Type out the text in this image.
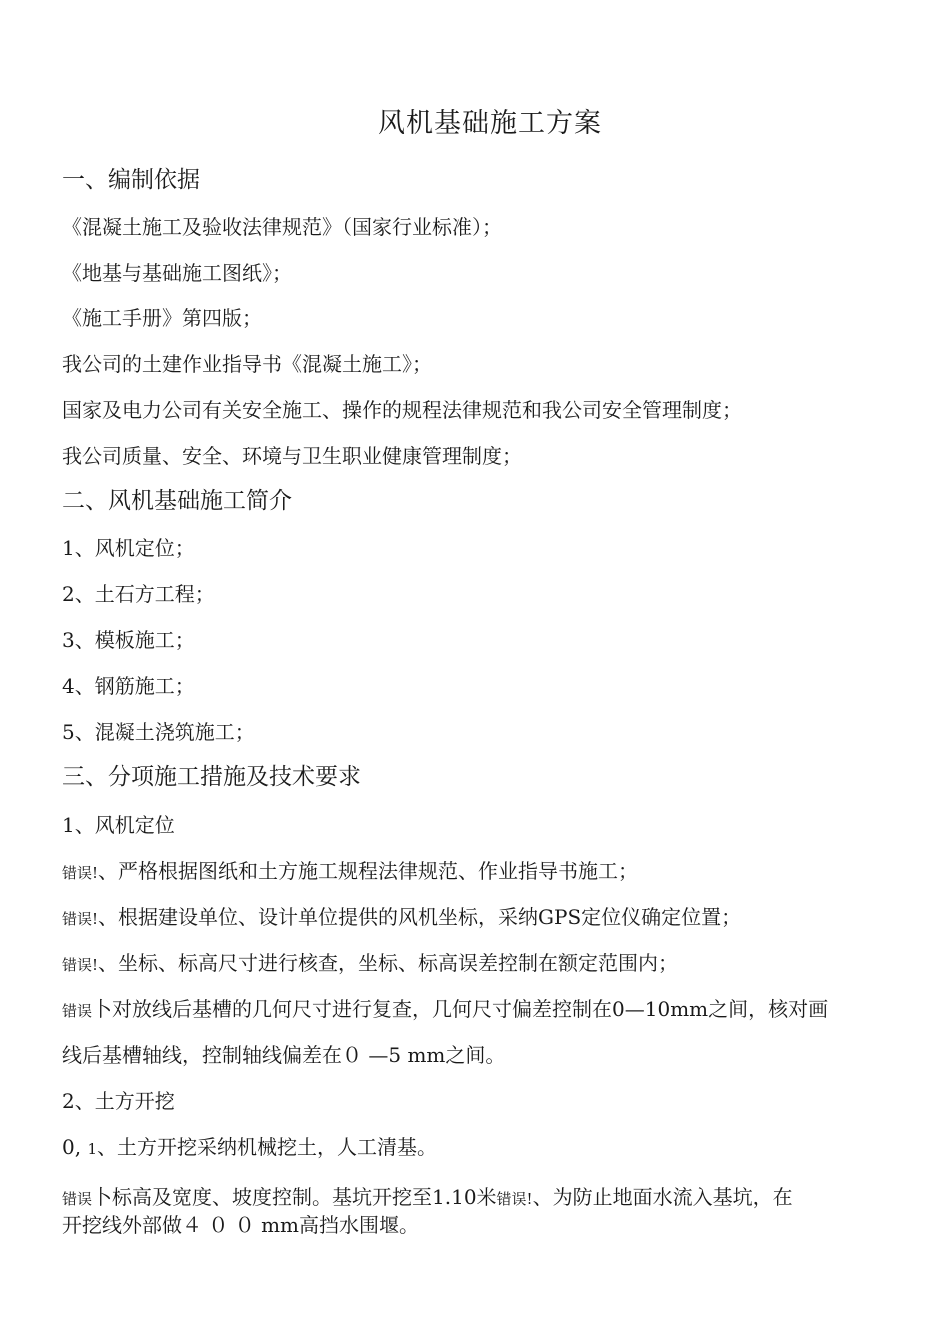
风机基础施工方案
一、编制依据
《混凝土施工及验收法律规范》（国家行业标准）；
《地基与基础施工图纸》；
《施工手册》第四版；
我公司的土建作业指导书《混凝土施工》；
国家及电力公司有关安全施工、操作的规程法律规范和我公司安全管理制度；
我公司质量、安全、环境与卫生职业健康管理制度；
二、风机基础施工简介
1、风机定位；
2、土石方工程；
3、模板施工；
4、钢筋施工；
5、混凝土浇筑施工；
三、分项施工措施及技术要求
1、风机定位
错误!、严格根据图纸和土方施工规程法律规范、作业指导书施工；
错误!、根据建设单位、设计单位提供的风机坐标，采纳GPS定位仪确定位置；
错误!、坐标、标高尺寸进行核查，坐标、标高误差控制在额定范围内；
错误卜对放线后基槽的几何尺寸进行复查，几何尺寸偏差控制在0—10mm之间，核对画
线后基槽轴线，控制轴线偏差在０ —5 mm之间。
2、土方开挖
0, 1、土方开挖采纳机械挖土，人工清基。
错误卜标高及宽度、坡度控制。基坑开挖至1.10米错误!、为防止地面水流入基坑，在
开挖线外部做４ ０ ０ mm高挡水围堰。
